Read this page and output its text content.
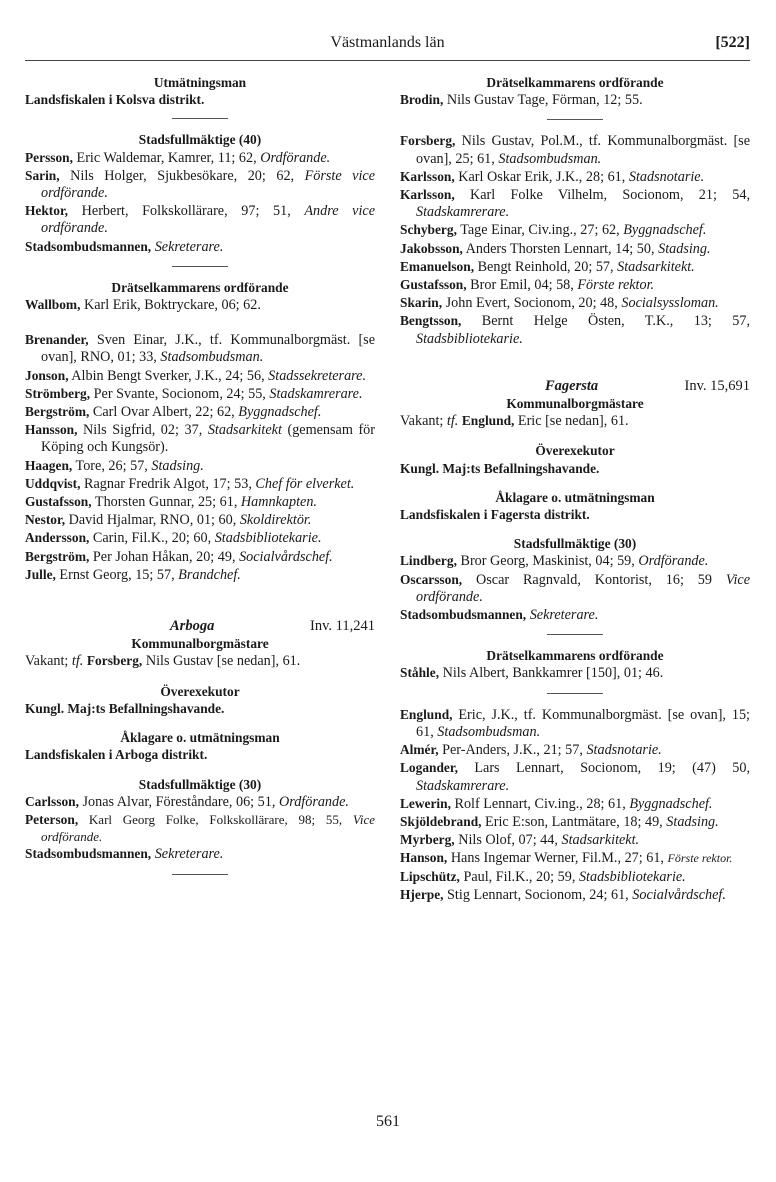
Västmanlands län	[522]
Utmätningsman
Landsfiskalen i Kolsva distrikt.
Stadsfullmäktige (40)
Persson, Eric Waldemar, Kamrer, 11; 62, Ordförande.
Sarin, Nils Holger, Sjukbesökare, 20; 62, Förste vice ordförande.
Hektor, Herbert, Folkskollärare, 97; 51, Andre vice ordförande.
Stadsombudsmannen, Sekreterare.
Drätselkammarens ordförande
Wallbom, Karl Erik, Boktryckare, 06; 62.
Brenander, Sven Einar, J.K., tf. Kommunalborgmäst. [se ovan], RNO, 01; 33, Stadsombudsman.
Jonson, Albin Bengt Sverker, J.K., 24; 56, Stadssekreterare.
Strömberg, Per Svante, Socionom, 24; 55, Stadskamrerare.
Bergström, Carl Ovar Albert, 22; 62, Byggnadschef.
Hansson, Nils Sigfrid, 02; 37, Stadsarkitekt (gemensam för Köping och Kungsör).
Haagen, Tore, 26; 57, Stadsing.
Uddqvist, Ragnar Fredrik Algot, 17; 53, Chef för elverket.
Gustafsson, Thorsten Gunnar, 25; 61, Hamnkapten.
Nestor, David Hjalmar, RNO, 01; 60, Skoldirektör.
Andersson, Carin, Fil.K., 20; 60, Stadsbibliotekarie.
Bergström, Per Johan Håkan, 20; 49, Socialvårdschef.
Julle, Ernst Georg, 15; 57, Brandchef.
Arboga	Inv. 11,241
Kommunalborgmästare
Vakant; tf. Forsberg, Nils Gustav [se nedan], 61.
Överexekutor
Kungl. Maj:ts Befallningshavande.
Åklagare o. utmätningsman
Landsfiskalen i Arboga distrikt.
Stadsfullmäktige (30)
Carlsson, Jonas Alvar, Föreståndare, 06; 51, Ordförande.
Peterson, Karl Georg Folke, Folkskollärare, 98; 55, Vice ordförande.
Stadsombudsmannen, Sekreterare.
Drätselkammarens ordförande
Brodin, Nils Gustav Tage, Förman, 12; 55.
Forsberg, Nils Gustav, Pol.M., tf. Kommunalborgmäst. [se ovan], 25; 61, Stadsombudsman.
Karlsson, Karl Oskar Erik, J.K., 28; 61, Stadsnotarie.
Karlsson, Karl Folke Vilhelm, Socionom, 21; 54, Stadskamrerare.
Schyberg, Tage Einar, Civ.ing., 27; 62, Byggnadschef.
Jakobsson, Anders Thorsten Lennart, 14; 50, Stadsing.
Emanuelson, Bengt Reinhold, 20; 57, Stadsarkitekt.
Gustafsson, Bror Emil, 04; 58, Förste rektor.
Skarin, John Evert, Socionom, 20; 48, Socialsyssloman.
Bengtsson, Bernt Helge Östen, T.K., 13; 57, Stadsbibliotekarie.
Fagersta	Inv. 15,691
Kommunalborgmästare
Vakant; tf. Englund, Eric [se nedan], 61.
Överexekutor
Kungl. Maj:ts Befallningshavande.
Åklagare o. utmätningsman
Landsfiskalen i Fagersta distrikt.
Stadsfullmäktige (30)
Lindberg, Bror Georg, Maskinist, 04; 59, Ordförande.
Oscarsson, Oscar Ragnvald, Kontorist, 16; 59 Vice ordförande.
Stadsombudsmannen, Sekreterare.
Drätselkammarens ordförande
Ståhle, Nils Albert, Bankkamrer [150], 01; 46.
Englund, Eric, J.K., tf. Kommunalborgmäst. [se ovan], 15; 61, Stadsombudsman.
Almér, Per-Anders, J.K., 21; 57, Stadsnotarie.
Logander, Lars Lennart, Socionom, 19; (47) 50, Stadskamrerare.
Lewerin, Rolf Lennart, Civ.ing., 28; 61, Byggnadschef.
Skjöldebrand, Eric E:son, Lantmätare, 18; 49, Stadsing.
Myrberg, Nils Olof, 07; 44, Stadsarkitekt.
Hanson, Hans Ingemar Werner, Fil.M., 27; 61, Förste rektor.
Lipschütz, Paul, Fil.K., 20; 59, Stadsbibliotekarie.
Hjerpe, Stig Lennart, Socionom, 24; 61, Socialvårdschef.
561
